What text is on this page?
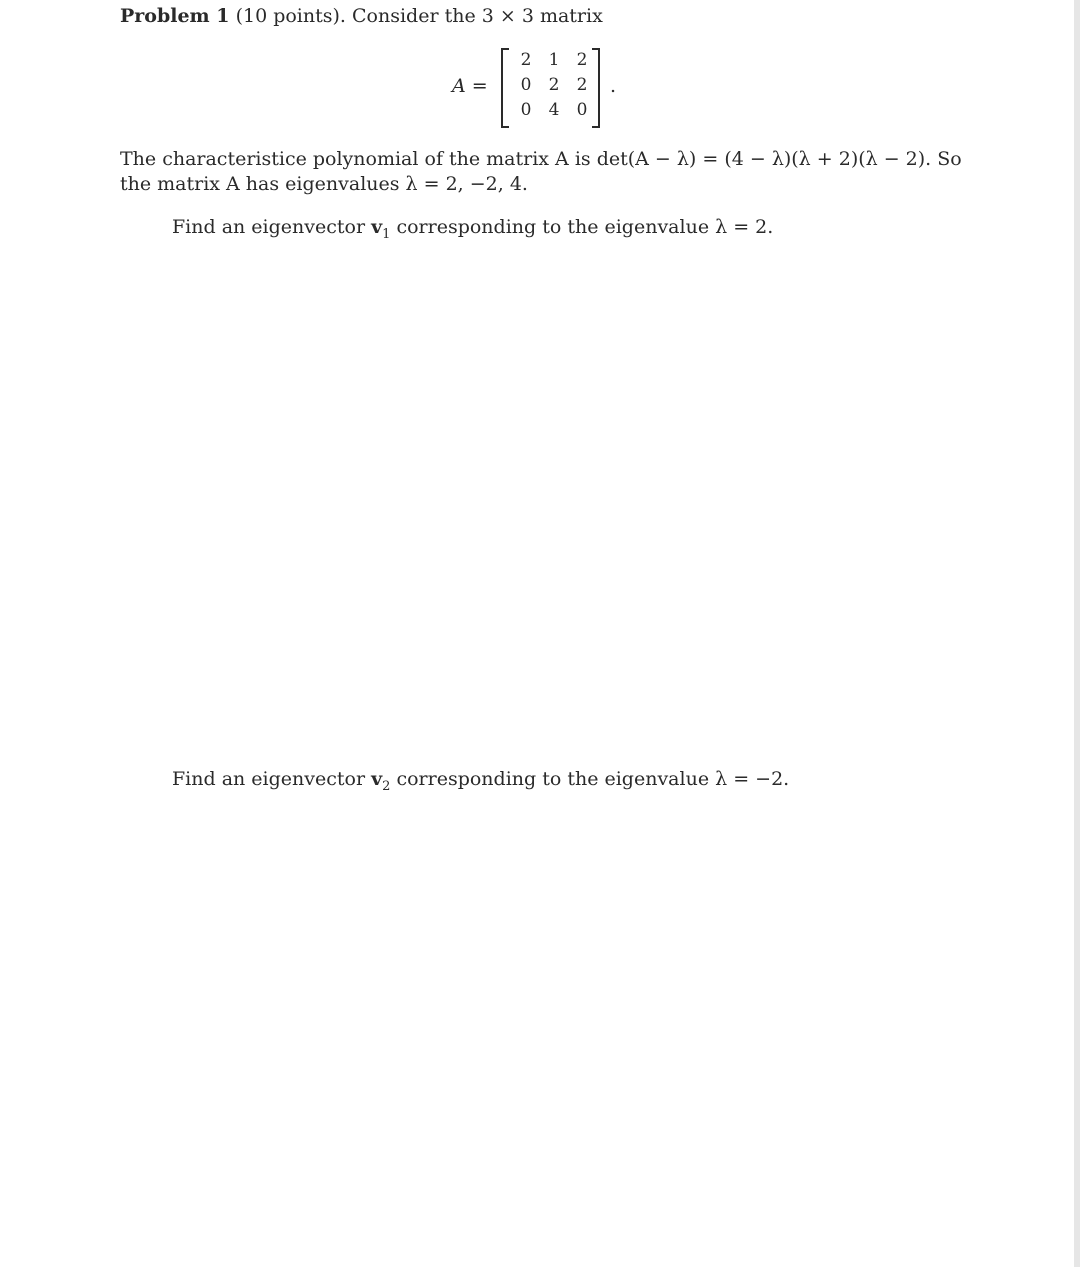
Problem 1 (10 points). Consider the 3 × 3 matrix
A =
2	1	2
0	2	2
0	4	0
.
The characteristice polynomial of the matrix A is det(A − λ) = (4 − λ)(λ + 2)(λ − 2). So
the matrix A has eigenvalues λ = 2, −2, 4.
Find an eigenvector $v_1$ corresponding to the eigenvalue λ = 2.
Find an eigenvector $v_2$ corresponding to the eigenvalue λ = −2.
